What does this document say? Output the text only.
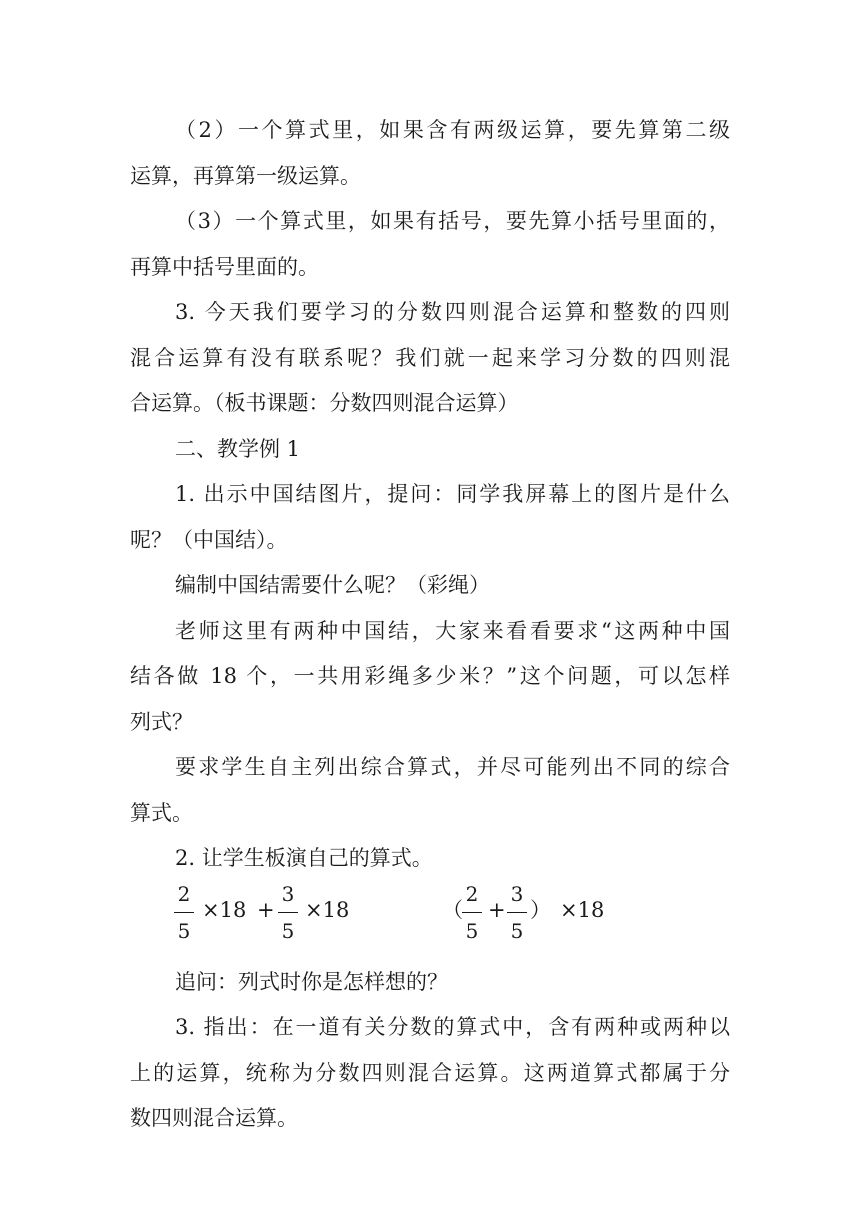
（2）一个算式里，如果含有两级运算，要先算第二级
运算，再算第一级运算。
（3）一个算式里，如果有括号，要先算小括号里面的，
再算中括号里面的。
3. 今天我们要学习的分数四则混合运算和整数的四则
混合运算有没有联系呢？我们就一起来学习分数的四则混
合运算。（板书课题：分数四则混合运算）
二、教学例 1
1. 出示中国结图片，提问：同学我屏幕上的图片是什么
呢？（中国结）。
编制中国结需要什么呢？（彩绳）
老师这里有两种中国结，大家来看看要求“这两种中国
结各做 18 个，一共用彩绳多少米？”这个问题，可以怎样
列式？
要求学生自主列出综合算式，并尽可能列出不同的综合
算式。
2. 让学生板演自己的算式。
2
5
×18 +
3
5
×18	（
2
5
+
3
5
） ×18
追问：列式时你是怎样想的？
3. 指出：在一道有关分数的算式中，含有两种或两种以
上的运算，统称为分数四则混合运算。这两道算式都属于分
数四则混合运算。
